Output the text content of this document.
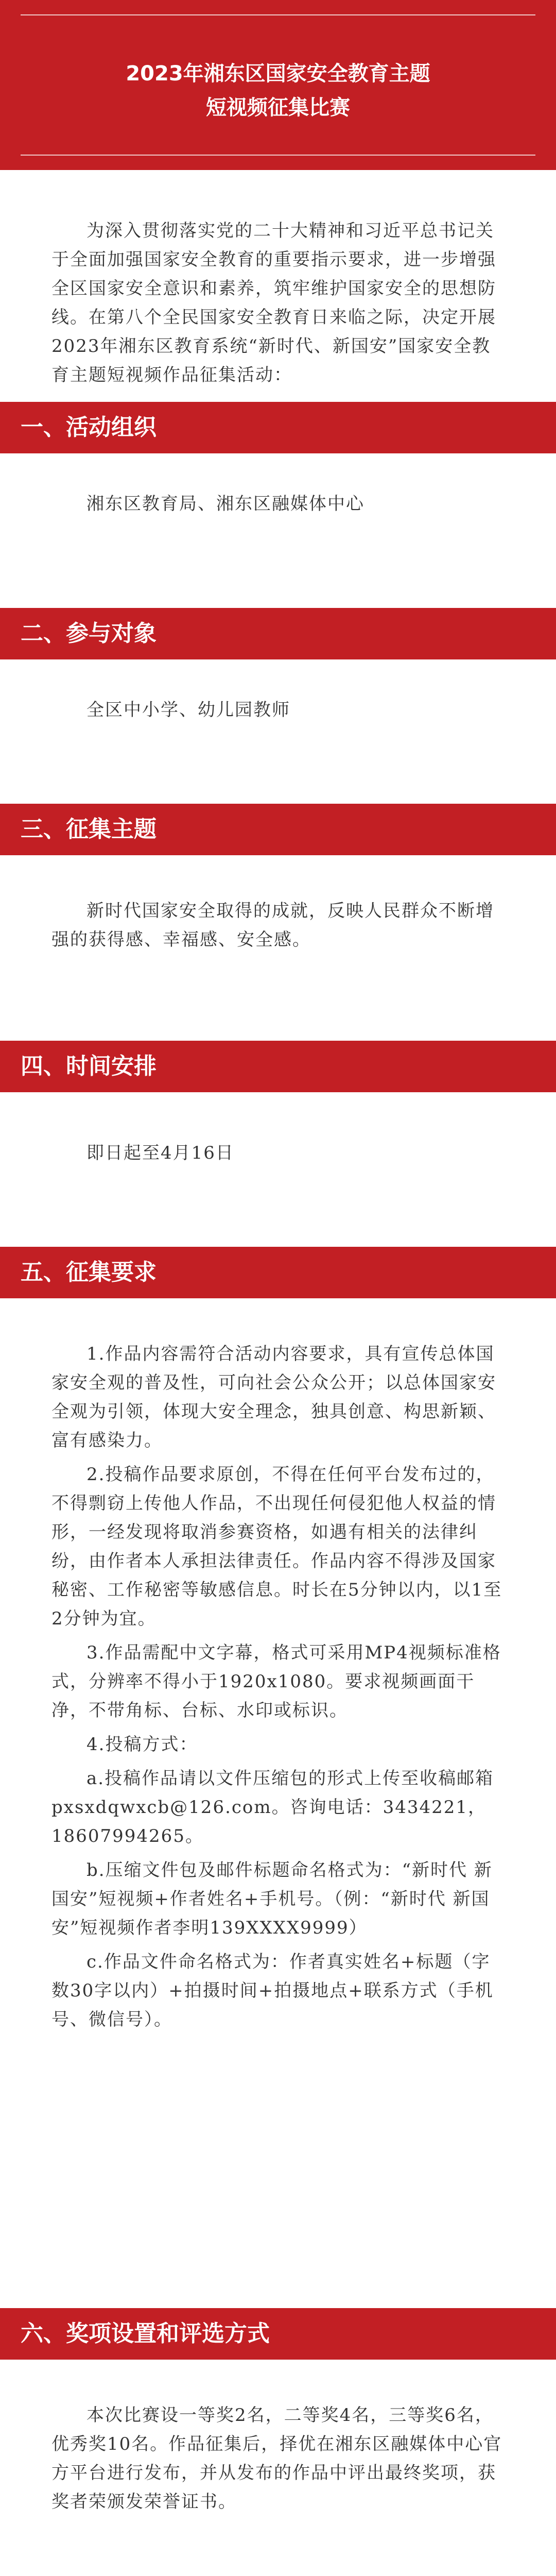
2023年湘东区国家安全教育主题
短视频征集比赛
为深入贯彻落实党的二十大精神和习近平总书记关于全面加强国家安全教育的重要指示要求，进一步增强全区国家安全意识和素养，筑牢维护国家安全的思想防线。在第八个全民国家安全教育日来临之际，决定开展2023年湘东区教育系统“新时代、新国安”国家安全教育主题短视频作品征集活动：
一、活动组织
湘东区教育局、湘东区融媒体中心
二、参与对象
全区中小学、幼儿园教师
三、征集主题
新时代国家安全取得的成就，反映人民群众不断增强的获得感、幸福感、安全感。
四、时间安排
即日起至4月16日
五、征集要求
1.作品内容需符合活动内容要求，具有宣传总体国家安全观的普及性，可向社会公众公开；以总体国家安全观为引领，体现大安全理念，独具创意、构思新颖、富有感染力。
2.投稿作品要求原创，不得在任何平台发布过的，不得剽窃上传他人作品，不出现任何侵犯他人权益的情形，一经发现将取消参赛资格，如遇有相关的法律纠纷，由作者本人承担法律责任。作品内容不得涉及国家秘密、工作秘密等敏感信息。时长在5分钟以内，以1至2分钟为宜。
3.作品需配中文字幕，格式可采用MP4视频标准格式，分辨率不得小于1920x1080。要求视频画面干净，不带角标、台标、水印或标识。
4.投稿方式：
a.投稿作品请以文件压缩包的形式上传至收稿邮箱pxsxdqwxcb@126.com。咨询电话：3434221，18607994265。
b.压缩文件包及邮件标题命名格式为：“新时代 新国安”短视频+作者姓名+手机号。（例：“新时代 新国安”短视频作者李明139XXXX9999）
c.作品文件命名格式为：作者真实姓名+标题（字数30字以内）+拍摄时间+拍摄地点+联系方式（手机号、微信号）。
六、奖项设置和评选方式
本次比赛设一等奖2名，二等奖4名，三等奖6名，优秀奖10名。作品征集后，择优在湘东区融媒体中心官方平台进行发布，并从发布的作品中评出最终奖项，获奖者荣颁发荣誉证书。
